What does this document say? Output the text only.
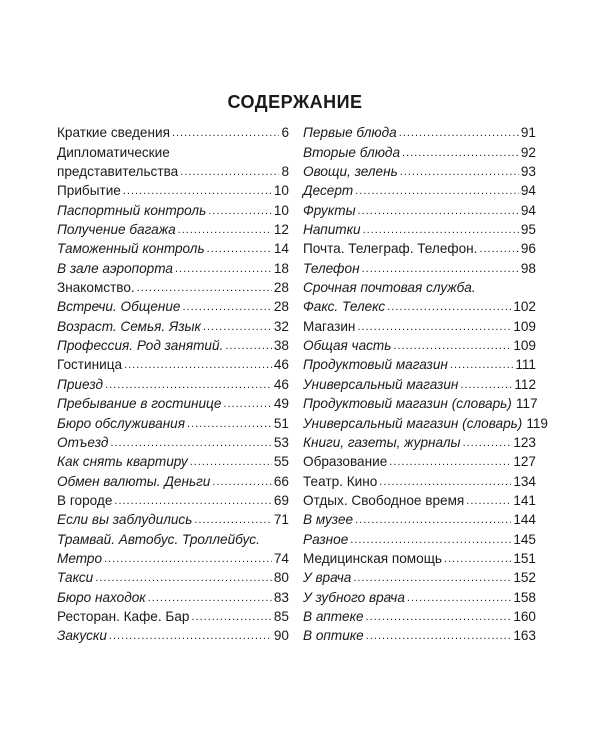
СОДЕРЖАНИЕ
Краткие сведения .....	6
Дипломатические
представительства .....	8
Прибытие .....	10
Паспортный контроль .....	10
Получение багажа .....	12
Таможенный контроль .....	14
В зале аэропорта .....	18
Знакомство. .....	28
Встречи. Общение .....	28
Возраст. Семья. Язык .....	32
Профессия. Род занятий. .....	38
Гостиница .....	46
Приезд .....	46
Пребывание в гостинице .....	49
Бюро обслуживания .....	51
Отъезд .....	53
Как снять квартиру .....	55
Обмен валюты. Деньги .....	66
В городе .....	69
Если вы заблудились .....	71
Трамвай. Автобус. Троллейбус.
Метро .....	74
Такси .....	80
Бюро находок .....	83
Ресторан. Кафе. Бар .....	85
Закуски .....	90
Первые блюда .....	91
Вторые блюда .....	92
Овощи, зелень .....	93
Десерт .....	94
Фрукты .....	94
Напитки .....	95
Почта. Телеграф. Телефон. .....	96
Телефон .....	98
Срочная почтовая служба.
Факс. Телекс .....	102
Магазин .....	109
Общая часть .....	109
Продуктовый магазин .....	111
Универсальный магазин .....	112
Продуктовый магазин (словарь) 117
Универсальный магазин (словарь) 119
Книги, газеты, журналы .....	123
Образование .....	127
Театр. Кино .....	134
Отдых. Свободное время .....	141
В музее .....	144
Разное .....	145
Медицинская помощь .....	151
У врача .....	152
У зубного врача .....	158
В аптеке .....	160
В оптике .....	163
